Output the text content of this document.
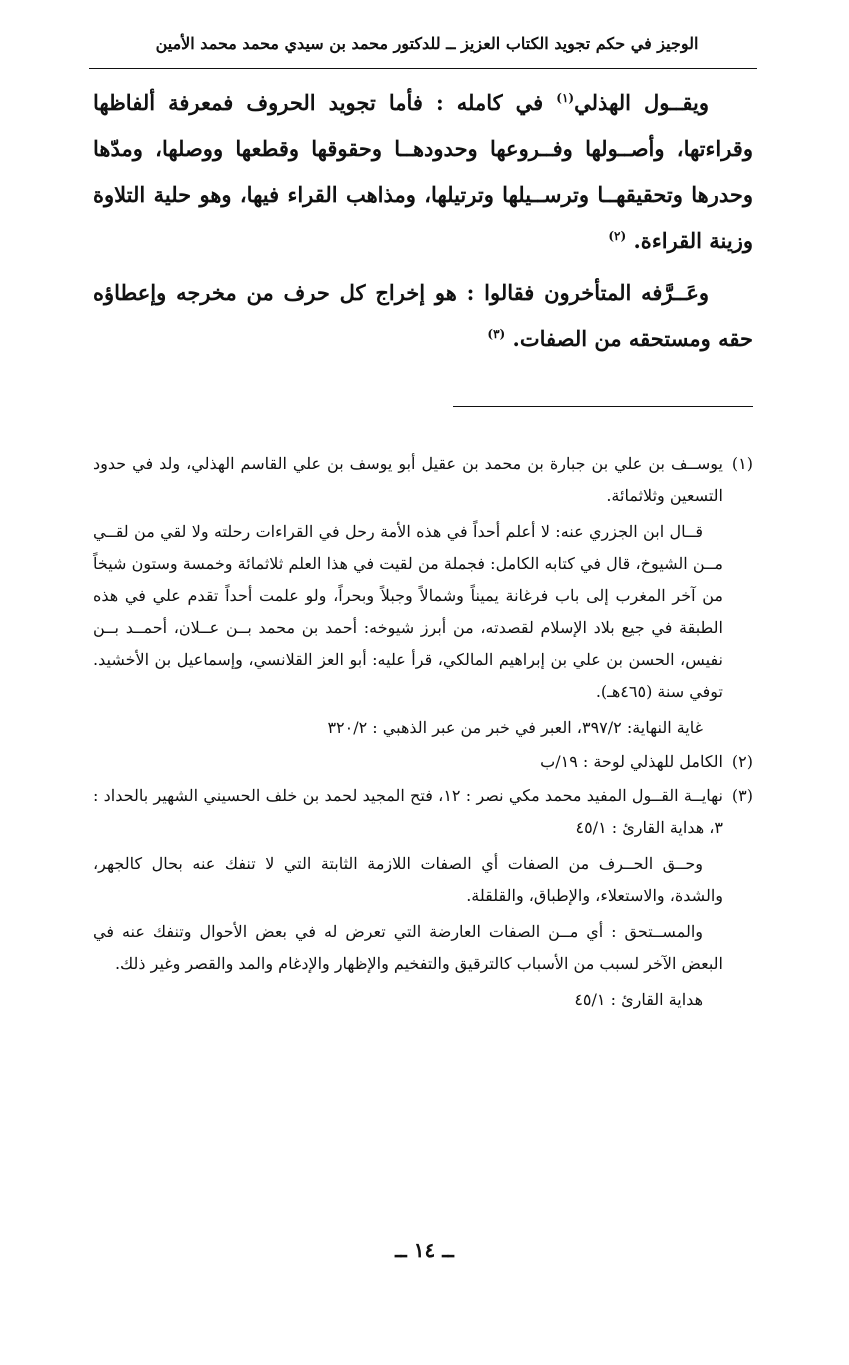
الوجيز في حكم تجويد الكتاب العزيز ــ للدكتور محمد بن سيدي محمد محمد الأمين

ويقــول الهذلي$^{(١)}$ في كامله : فأما تجويد الحروف فمعرفة ألفاظها وقراءتها، وأصــولها وفــروعها وحدودهــا وحقوقها وقطعها ووصلها، ومدّها وحدرها وتحقيقهــا وترســيلها وترتيلها، ومذاهب القراء فيها، وهو حلية التلاوة وزينة القراءة. $^{(٢)}$

وعَــرَّفه المتأخرون فقالوا : هو إخراج كل حرف من مخرجه وإعطاؤه حقه ومستحقه من الصفات. $^{(٣)}$

(١)

يوســف بن علي بن جبارة بن محمد بن عقيل أبو يوسف بن علي القاسم الهذلي، ولد في حدود التسعين وثلاثمائة.

قــال ابن الجزري عنه: لا أعلم أحداً في هذه الأمة رحل في القراءات رحلته ولا لقي من لقــي مــن الشيوخ، قال في كتابه الكامل: فجملة من لقيت في هذا العلم ثلاثمائة وخمسة وستون شيخاً من آخر المغرب إلى باب فرغانة يميناً وشمالاً وجبلاً وبحراً، ولو علمت أحداً تقدم علي في هذه الطبقة في جيع بلاد الإسلام لقصدته، من أبرز شيوخه: أحمد بن محمد بــن عــلان، أحمــد بــن نفيس، الحسن بن علي بن إبراهيم المالكي، قرأ عليه: أبو العز القلانسي، وإسماعيل بن الأخشيد. توفي سنة (٤٦٥هـ).

غاية النهاية: ٣٩٧/٢، العبر في خبر من عبر الذهبي : ٣٢٠/٢

(٢)

الكامل للهذلي لوحة : ١٩/ب

(٣)

نهايــة القــول المفيد محمد مكي نصر : ١٢، فتح المجيد لحمد بن خلف الحسيني الشهير بالحداد : ٣، هداية القارئ : ٤٥/١

وحــق الحــرف من الصفات أي الصفات اللازمة الثابتة التي لا تنفك عنه بحال كالجهر، والشدة، والاستعلاء، والإطباق، والقلقلة.

والمســتحق : أي مــن الصفات العارضة التي تعرض له في بعض الأحوال وتنفك عنه في البعض الآخر لسبب من الأسباب كالترقيق والتفخيم والإظهار والإدغام والمد والقصر وغير ذلك.

هداية القارئ : ٤٥/١

ــ ١٤ ــ
